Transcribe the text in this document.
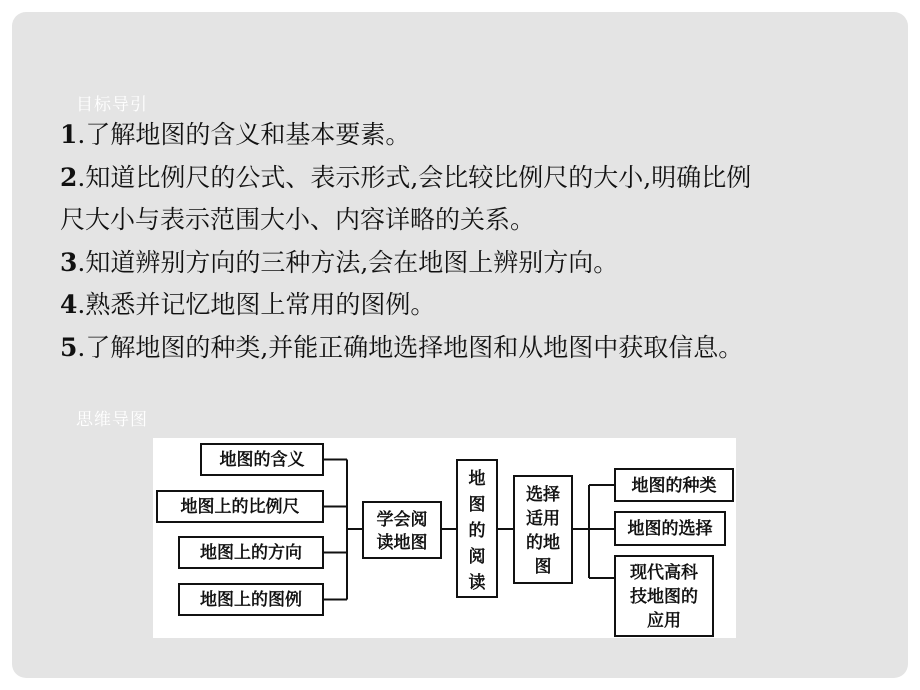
目标导引
1.了解地图的含义和基本要素。
2.知道比例尺的公式、表示形式,会比较比例尺的大小,明确比例
尺大小与表示范围大小、内容详略的关系。
3.知道辨别方向的三种方法,会在地图上辨别方向。
4.熟悉并记忆地图上常用的图例。
5.了解地图的种类,并能正确地选择地图和从地图中获取信息。
思维导图
地图的含义
地图上的比例尺
地图上的方向
地图上的图例
学会阅
读地图
地
图
的
阅
读
选择
适用
的地
图
地图的种类
地图的选择
现代高科
技地图的
应用
